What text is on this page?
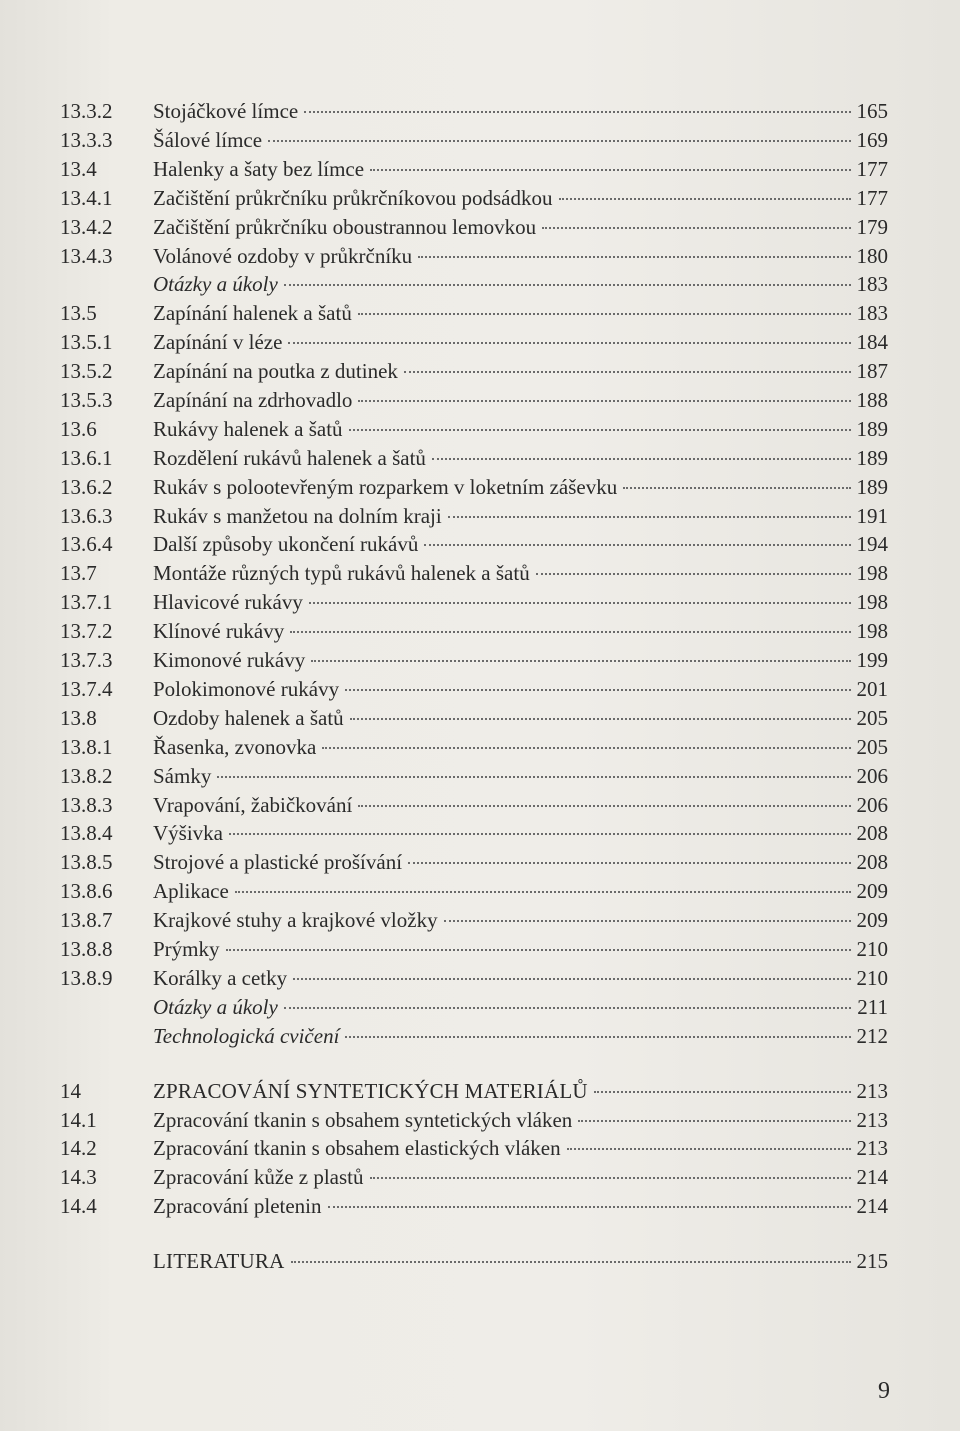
13.3.2 Stojáčkové límce	165
13.3.3 Šálové límce	169
13.4	Halenky a šaty bez límce	177
13.4.1 Začištění průkrčníku průkrčníkovou podsádkou	177
13.4.2 Začištění průkrčníku oboustrannou lemovkou	179
13.4.3 Volánové ozdoby v průkrčníku	180
Otázky a úkoly	183
13.5	Zapínání halenek a šatů	183
13.5.1 Zapínání v léze	184
13.5.2 Zapínání na poutka z dutinek	187
13.5.3 Zapínání na zdrhovadlo	188
13.6	Rukávy halenek a šatů	189
13.6.1 Rozdělení rukávů halenek a šatů	189
13.6.2 Rukáv s polootevřeným rozparkem v loketním záševku	189
13.6.3 Rukáv s manžetou na dolním kraji	191
13.6.4 Další způsoby ukončení rukávů	194
13.7	Montáže různých typů rukávů halenek a šatů	198
13.7.1 Hlavicové rukávy	198
13.7.2 Klínové rukávy	198
13.7.3 Kimonové rukávy	199
13.7.4 Polokimonové rukávy	201
13.8	Ozdoby halenek a šatů	205
13.8.1 Řasenka, zvonovka	205
13.8.2 Sámky	206
13.8.3 Vrapování, žabičkování	206
13.8.4 Výšivka	208
13.8.5 Strojové a plastické prošívání	208
13.8.6 Aplikace	209
13.8.7 Krajkové stuhy a krajkové vložky	209
13.8.8 Prýmky	210
13.8.9 Korálky a cetky	210
Otázky a úkoly	211
Technologická cvičení	212
14	ZPRACOVÁNÍ SYNTETICKÝCH MATERIÁLŮ	213
14.1	Zpracování tkanin s obsahem syntetických vláken	213
14.2	Zpracování tkanin s obsahem elastických vláken	213
14.3	Zpracování kůže z plastů	214
14.4	Zpracování pletenin	214
LITERATURA	215
9
